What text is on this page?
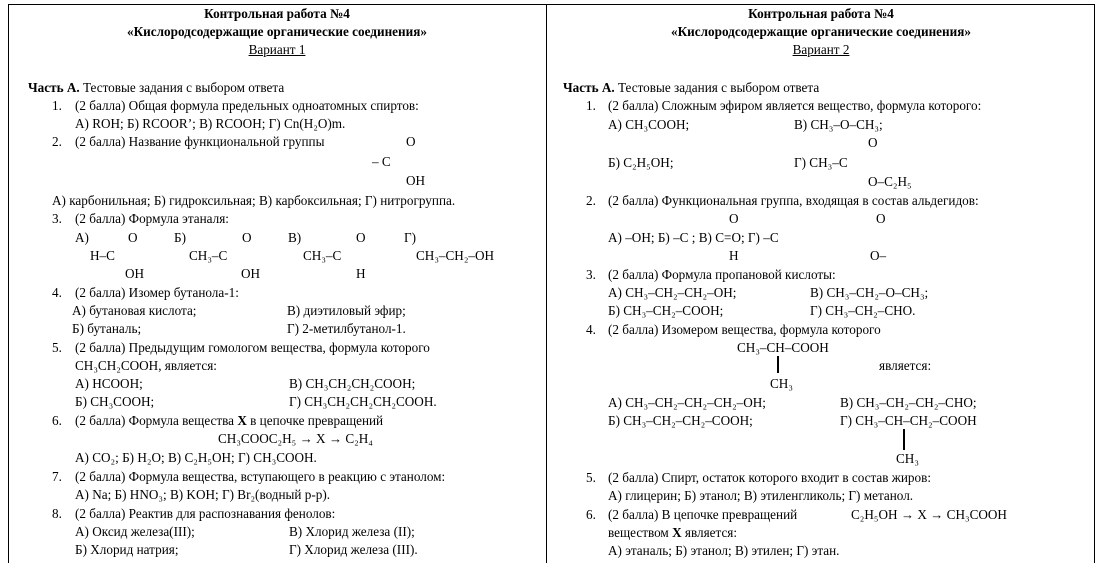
Контрольная работа №4
«Кислородсодержащие органические соединения»
Вариант 1
Часть А. Тестовые задания с выбором ответа
1. (2 балла) Общая формула предельных одноатомных спиртов:
А) ROH; Б) RCOOR’; В) RCOOH; Г) Cn(H₂O)m.
2. (2 балла) Название функциональной группы	O
– C
OH
А) карбонильная; Б) гидроксильная; В) карбоксильная; Г) нитрогруппа.
3. (2 балла) Формула этаналя:
А)	O
H–C
OH
Б)	O
CH₃–C
OH
В)	O
CH₃–C
H
Г)
CH₃–CH₂–OH
4. (2 балла) Изомер бутанола-1:
А) бутановая кислота;	В) диэтиловый эфир;
Б) бутаналь;	Г) 2-метилбутанол-1.
5. (2 балла) Предыдущим гомологом вещества, формула которого
CH₃CH₂COOH, является:
А) HCOOH;	В) CH₃CH₂CH₂COOH;
Б) CH₃COOH;	Г) CH₃CH₂CH₂CH₂COOH.
6. (2 балла) Формула вещества Х в цепочке превращений
CH₃COOC₂H₅ → X → C₂H₄
А) CO₂; Б) H₂O; В) C₂H₅OH; Г) CH₃COOH.
7. (2 балла) Формула вещества, вступающего в реакцию с этанолом:
А) Na; Б) HNO₃; В) KOH; Г) Br₂(водный р-р).
8. (2 балла) Реактив для распознавания фенолов:
А) Оксид железа(III);	В) Хлорид железа (II);
Б) Хлорид натрия;	Г) Хлорид железа (III).
Контрольная работа №4
«Кислородсодержащие органические соединения»
Вариант 2
Часть А. Тестовые задания с выбором ответа
1. (2 балла) Сложным эфиром является вещество, формула которого:
А) CH₃COOH;	В) CH₃–O–CH₃;
O
Б) C₂H₅OH;	Г) CH₃–C
O–C₂H₅
2. (2 балла) Функциональная группа, входящая в состав альдегидов:
O	O
А) –OH; Б) –C ; В) C=O; Г) –C
H	O–
3. (2 балла) Формула пропановой кислоты:
А) CH₃–CH₂–CH₂–OH;	В) CH₃–CH₂–O–CH₃;
Б) CH₃–CH₂–COOH;	Г) CH₃–CH₂–CHO.
4. (2 балла) Изомером вещества, формула которого
CH₃–CH–COOH
является:
CH₃
А) CH₃–CH₂–CH₂–CH₂–OH;	В) CH₃–CH₂–CH₂–CHO;
Б) CH₃–CH₂–CH₂–COOH;	Г) CH₃–CH–CH₂–COOH
CH₃
5. (2 балла) Спирт, остаток которого входит в состав жиров:
А) глицерин; Б) этанол; В) этиленгликоль; Г) метанол.
6. (2 балла) В цепочке превращений	C₂H₅OH → X → CH₃COOH
веществом Х является:
А) этаналь; Б) этанол; В) этилен; Г) этан.
